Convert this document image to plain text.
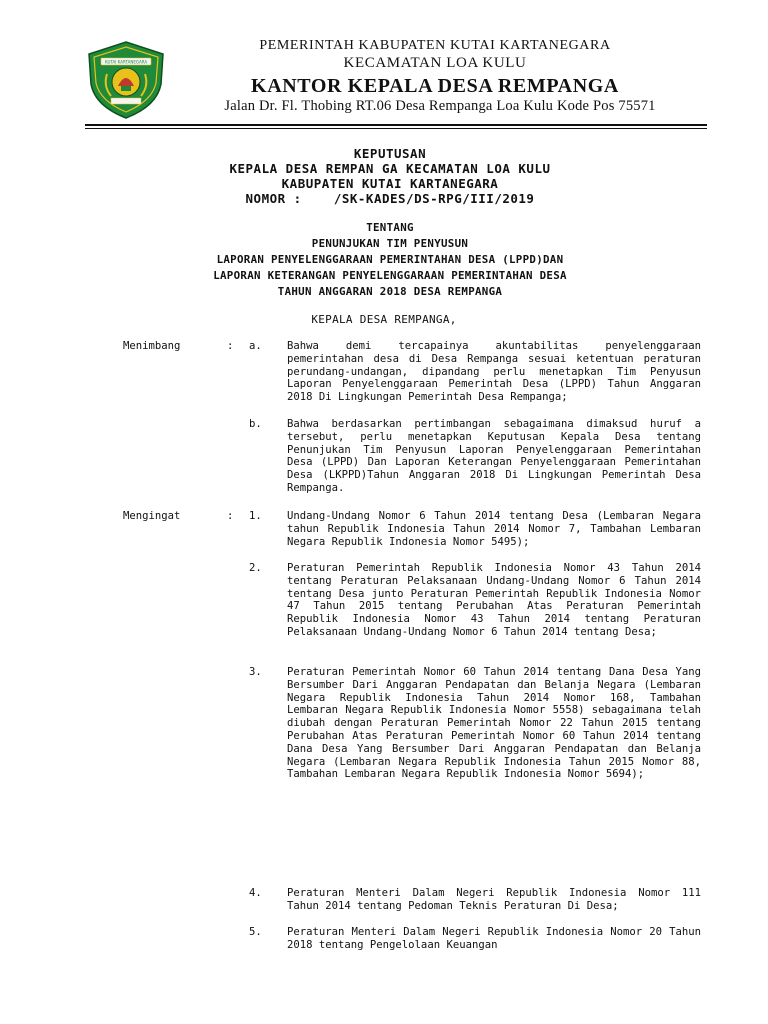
KUTAI KARTANEGARA
PEMERINTAH KABUPATEN KUTAI KARTANEGARA
KECAMATAN LOA KULU
KANTOR KEPALA DESA REMPANGA
Jalan Dr. Fl. Thobing RT.06 Desa Rempanga Loa Kulu Kode Pos 75571
KEPUTUSAN
KEPALA DESA REMPAN GA KECAMATAN LOA KULU
KABUPATEN KUTAI KARTANEGARA
NOMOR :    /SK-KADES/DS-RPG/III/2019
TENTANG
PENUNJUKAN TIM PENYUSUN
LAPORAN PENYELENGGARAAN PEMERINTAHAN DESA (LPPD)DAN
LAPORAN KETERANGAN PENYELENGGARAAN PEMERINTAHAN DESA
TAHUN ANGGARAN 2018 DESA REMPANGA
KEPALA DESA REMPANGA,
Menimbang	: a. Bahwa demi tercapainya akuntabilitas penyelenggaraan pemerintahan desa di Desa Rempanga sesuai ketentuan peraturan perundang-undangan, dipandang perlu menetapkan Tim Penyusun Laporan Penyelenggaraan Pemerintah Desa (LPPD) Tahun Anggaran 2018 Di Lingkungan Pemerintah Desa Rempanga;
b. Bahwa berdasarkan pertimbangan sebagaimana dimaksud huruf a tersebut, perlu menetapkan Keputusan Kepala Desa tentang Penunjukan Tim Penyusun Laporan Penyelenggaraan Pemerintahan Desa (LPPD) Dan Laporan Keterangan Penyelenggaraan Pemerintahan Desa (LKPPD)Tahun Anggaran 2018 Di Lingkungan Pemerintah Desa Rempanga.
Mengingat	: 1. Undang-Undang Nomor 6 Tahun 2014 tentang Desa (Lembaran Negara tahun Republik Indonesia Tahun 2014 Nomor 7, Tambahan Lembaran Negara Republik Indonesia Nomor 5495);
2. Peraturan Pemerintah Republik Indonesia Nomor 43 Tahun 2014 tentang Peraturan Pelaksanaan Undang-Undang Nomor 6 Tahun 2014 tentang Desa junto Peraturan Pemerintah Republik Indonesia Nomor 47 Tahun 2015 tentang Perubahan Atas Peraturan Pemerintah Republik Indonesia Nomor 43 Tahun 2014 tentang Peraturan Pelaksanaan Undang-Undang Nomor 6 Tahun 2014 tentang Desa;
3. Peraturan Pemerintah Nomor 60 Tahun 2014 tentang Dana Desa Yang Bersumber Dari Anggaran Pendapatan dan Belanja Negara (Lembaran Negara Republik Indonesia Tahun 2014 Nomor 168, Tambahan Lembaran Negara Republik Indonesia Nomor 5558) sebagaimana telah diubah dengan Peraturan Pemerintah Nomor 22 Tahun 2015 tentang Perubahan Atas Peraturan Pemerintah Nomor 60 Tahun 2014 tentang Dana Desa Yang Bersumber Dari Anggaran Pendapatan dan Belanja Negara (Lembaran Negara Republik Indonesia Tahun 2015 Nomor 88, Tambahan Lembaran Negara Republik Indonesia Nomor 5694);
4. Peraturan Menteri Dalam Negeri Republik Indonesia Nomor 111 Tahun 2014 tentang Pedoman Teknis Peraturan Di Desa;
5. Peraturan Menteri Dalam Negeri Republik Indonesia Nomor 20 Tahun 2018 tentang Pengelolaan Keuangan
